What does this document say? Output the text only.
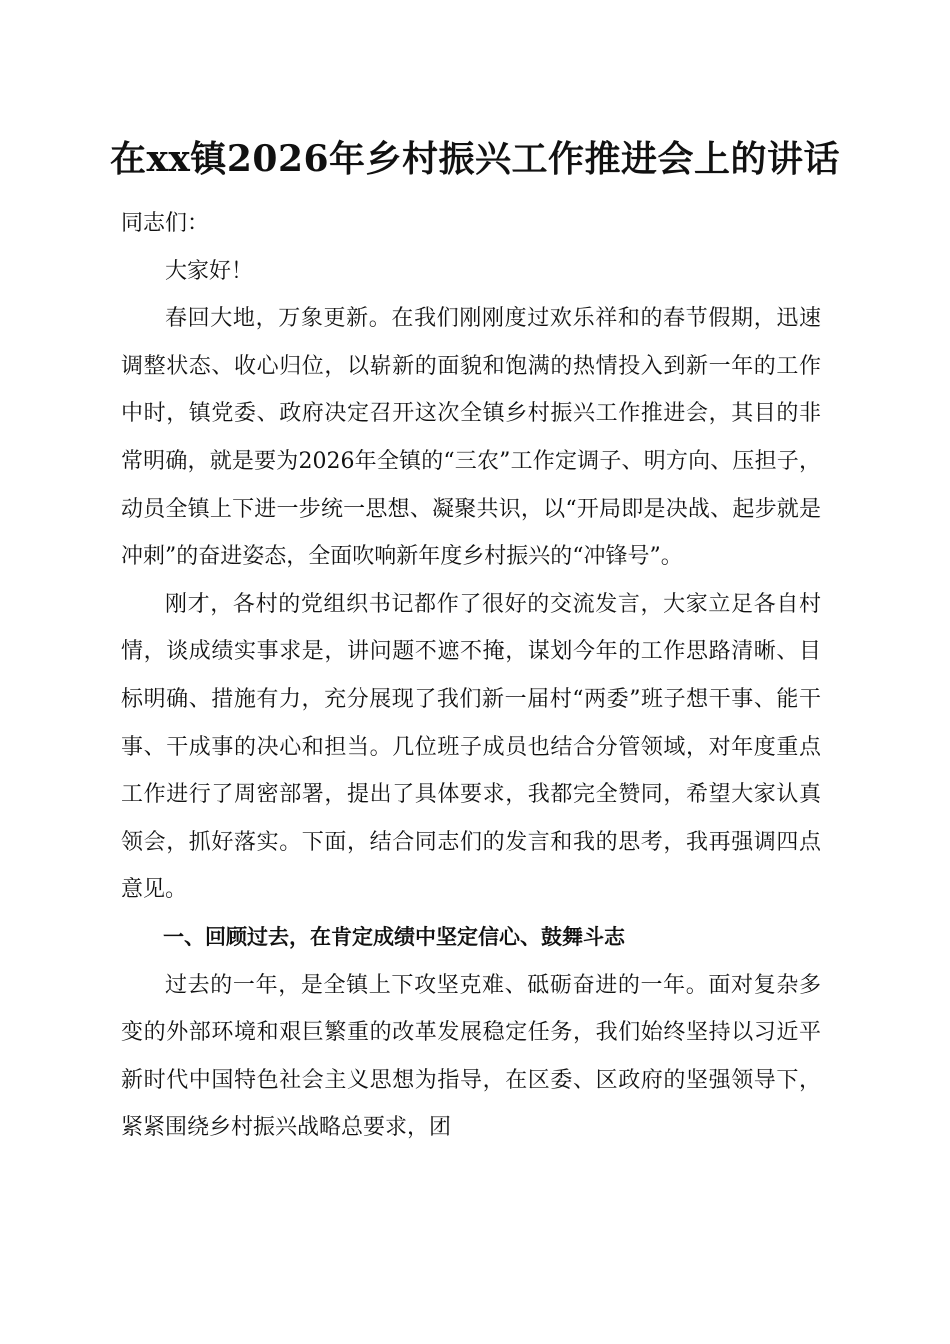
在xx镇2026年乡村振兴工作推进会上的讲话

同志们：

大家好！

春回大地，万象更新。在我们刚刚度过欢乐祥和的春节假期，迅速调整状态、收心归位，以崭新的面貌和饱满的热情投入到新一年的工作中时，镇党委、政府决定召开这次全镇乡村振兴工作推进会，其目的非常明确，就是要为2026年全镇的“三农”工作定调子、明方向、压担子，动员全镇上下进一步统一思想、凝聚共识，以“开局即是决战、起步就是冲刺”的奋进姿态，全面吹响新年度乡村振兴的“冲锋号”。

刚才，各村的党组织书记都作了很好的交流发言，大家立足各自村情，谈成绩实事求是，讲问题不遮不掩，谋划今年的工作思路清晰、目标明确、措施有力，充分展现了我们新一届村“两委”班子想干事、能干事、干成事的决心和担当。几位班子成员也结合分管领域，对年度重点工作进行了周密部署，提出了具体要求，我都完全赞同，希望大家认真领会，抓好落实。下面，结合同志们的发言和我的思考，我再强调四点意见。

一、回顾过去，在肯定成绩中坚定信心、鼓舞斗志

过去的一年，是全镇上下攻坚克难、砥砺奋进的一年。面对复杂多变的外部环境和艰巨繁重的改革发展稳定任务，我们始终坚持以习近平新时代中国特色社会主义思想为指导，在区委、区政府的坚强领导下，紧紧围绕乡村振兴战略总要求，团
